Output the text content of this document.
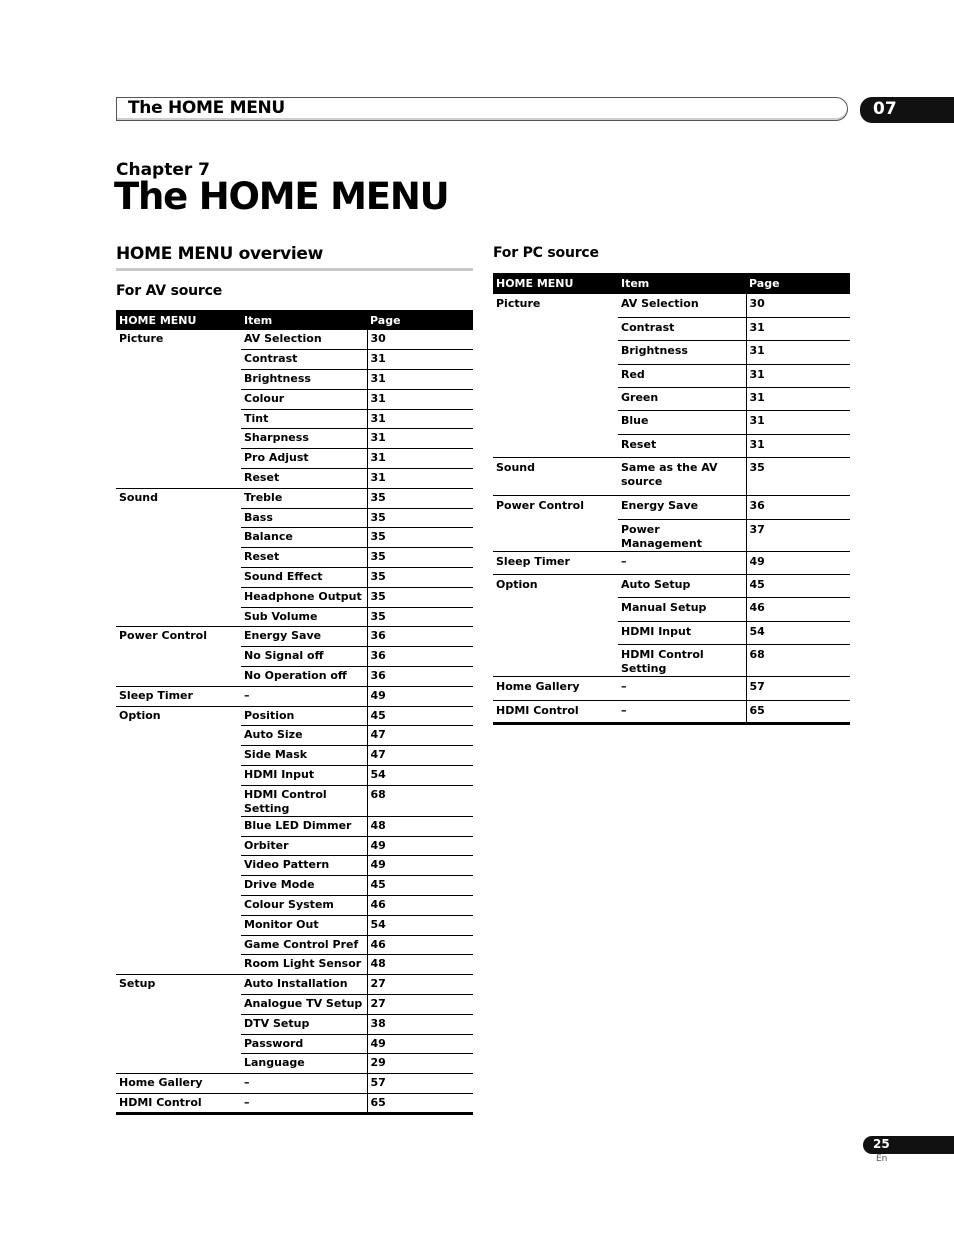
The HOME MENU	07
Chapter 7
The HOME MENU
HOME MENU overview
For AV source
HOME MENU	Item	Page
Picture	AV Selection	30
	Contrast	31
	Brightness	31
	Colour	31
	Tint	31
	Sharpness	31
	Pro Adjust	31
	Reset	31
Sound	Treble	35
	Bass	35
	Balance	35
	Reset	35
	Sound Effect	35
	Headphone Output	35
	Sub Volume	35
Power Control	Energy Save	36
	No Signal off	36
	No Operation off	36
Sleep Timer	–	49
Option	Position	45
	Auto Size	47
	Side Mask	47
	HDMI Input	54
	HDMI Control Setting	68
	Blue LED Dimmer	48
	Orbiter	49
	Video Pattern	49
	Drive Mode	45
	Colour System	46
	Monitor Out	54
	Game Control Pref	46
	Room Light Sensor	48
Setup	Auto Installation	27
	Analogue TV Setup	27
	DTV Setup	38
	Password	49
	Language	29
Home Gallery	–	57
HDMI Control	–	65
For PC source
HOME MENU	Item	Page
Picture	AV Selection	30
	Contrast	31
	Brightness	31
	Red	31
	Green	31
	Blue	31
	Reset	31
Sound	Same as the AV source	35
Power Control	Energy Save	36
	Power Management	37
Sleep Timer	–	49
Option	Auto Setup	45
	Manual Setup	46
	HDMI Input	54
	HDMI Control Setting	68
Home Gallery	–	57
HDMI Control	–	65
25
En
